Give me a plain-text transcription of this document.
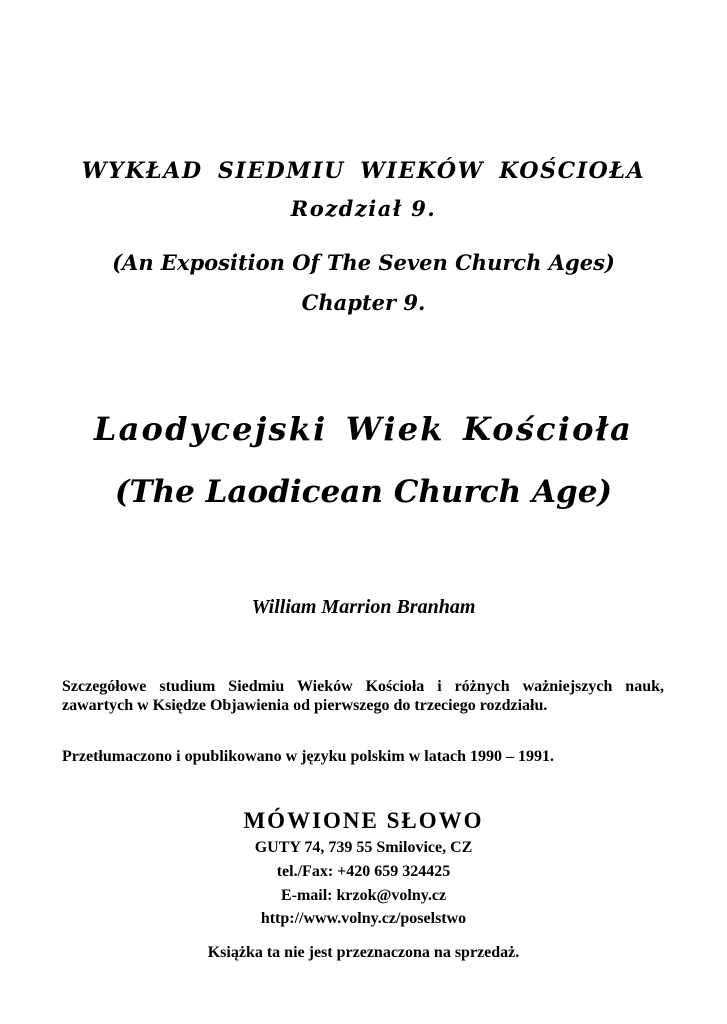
WYKŁAD SIEDMIU WIEKÓW KOŚCIOŁA
Rozdział 9.
(An Exposition Of The Seven Church Ages)
Chapter 9.
Laodycejski Wiek Kościoła
(The Laodicean Church Age)
William Marrion Branham
Szczegółowe studium Siedmiu Wieków Kościoła i różnych ważniejszych nauk, zawartych w Księdze Objawienia od pierwszego do trzeciego rozdziału.
Przetłumaczono i opublikowano w języku polskim w latach 1990 – 1991.
MÓWIONE SŁOWO
GUTY 74, 739 55 Smilovice, CZ
tel./Fax: +420 659 324425
E-mail: krzok@volny.cz
http://www.volny.cz/poselstwo
Książka ta nie jest przeznaczona na sprzedaż.
